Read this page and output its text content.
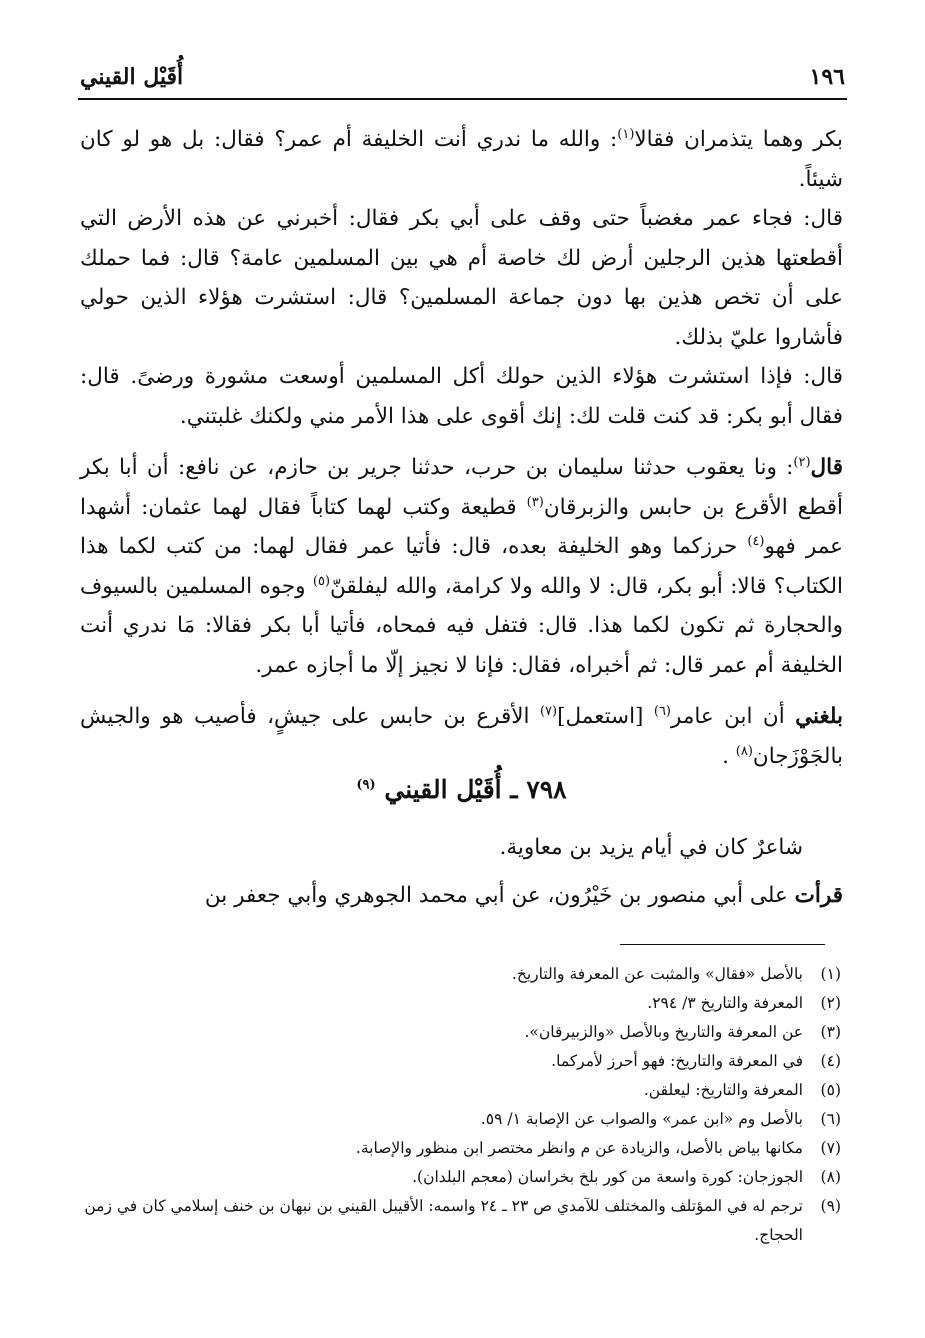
١٩٦
أُقَيْل القيني

بكر وهما يتذمران فقالا$^{(١)}$: والله ما ندري أنت الخليفة أم عمر؟ فقال: بل هو لو كان شيئاً.

قال: فجاء عمر مغضباً حتى وقف على أبي بكر فقال: أخبرني عن هذه الأرض التي أقطعتها هذين الرجلين أرض لك خاصة أم هي بين المسلمين عامة؟ قال: فما حملك على أن تخص هذين بها دون جماعة المسلمين؟ قال: استشرت هؤلاء الذين حولي فأشاروا عليّ بذلك.

قال: فإذا استشرت هؤلاء الذين حولك أكل المسلمين أوسعت مشورة ورضىً. قال: فقال أبو بكر: قد كنت قلت لك: إنك أقوى على هذا الأمر مني ولكنك غلبتني.

قال$^{(٢)}$: ونا يعقوب حدثنا سليمان بن حرب، حدثنا جرير بن حازم، عن نافع: أن أبا بكر أقطع الأقرع بن حابس والزبرقان$^{(٣)}$ قطيعة وكتب لهما كتاباً فقال لهما عثمان: أشهدا عمر فهو$^{(٤)}$ حرزكما وهو الخليفة بعده، قال: فأتيا عمر فقال لهما: من كتب لكما هذا الكتاب؟ قالا: أبو بكر، قال: لا والله ولا كرامة، والله ليفلقنّ$^{(٥)}$ وجوه المسلمين بالسيوف والحجارة ثم تكون لكما هذا. قال: فتفل فيه فمحاه، فأتيا أبا بكر فقالا: مَا ندري أنت الخليفة أم عمر قال: ثم أخبراه، فقال: فإنا لا نجيز إلّا ما أجازه عمر.

بلغني أن ابن عامر$^{(٦)}$ [استعمل]$^{(٧)}$ الأقرع بن حابس على جيشٍ، فأصيب هو والجيش بالجَوْزَجان$^{(٨)}$ .

٧٩٨ ـ أُقَيْل القيني $^{(٩)}$

شاعرٌ كان في أيام يزيد بن معاوية.

قرأت على أبي منصور بن خَيْرُون، عن أبي محمد الجوهري وأبي جعفر بن

(١)
بالأصل «فقال» والمثبت عن المعرفة والتاريخ.
(٢)
المعرفة والتاريخ ٣/ ٢٩٤.
(٣)
عن المعرفة والتاريخ وبالأصل «والزبيرقان».
(٤)
في المعرفة والتاريخ: فهو أحرز لأمركما.
(٥)
المعرفة والتاريخ: ليعلقن.
(٦)
بالأصل وم «ابن عمر» والصواب عن الإصابة ١/ ٥٩.
(٧)
مكانها بياض بالأصل، والزيادة عن م وانظر مختصر ابن منظور والإصابة.
(٨)
الجوزجان: كورة واسعة من كور بلخ بخراسان (معجم البلدان).
(٩)
ترجم له في المؤتلف والمختلف للآمدي ص ٢٣ ـ ٢٤ واسمه: الأقيبل القيني بن نبهان بن خنف إسلامي كان في زمن الحجاج.
